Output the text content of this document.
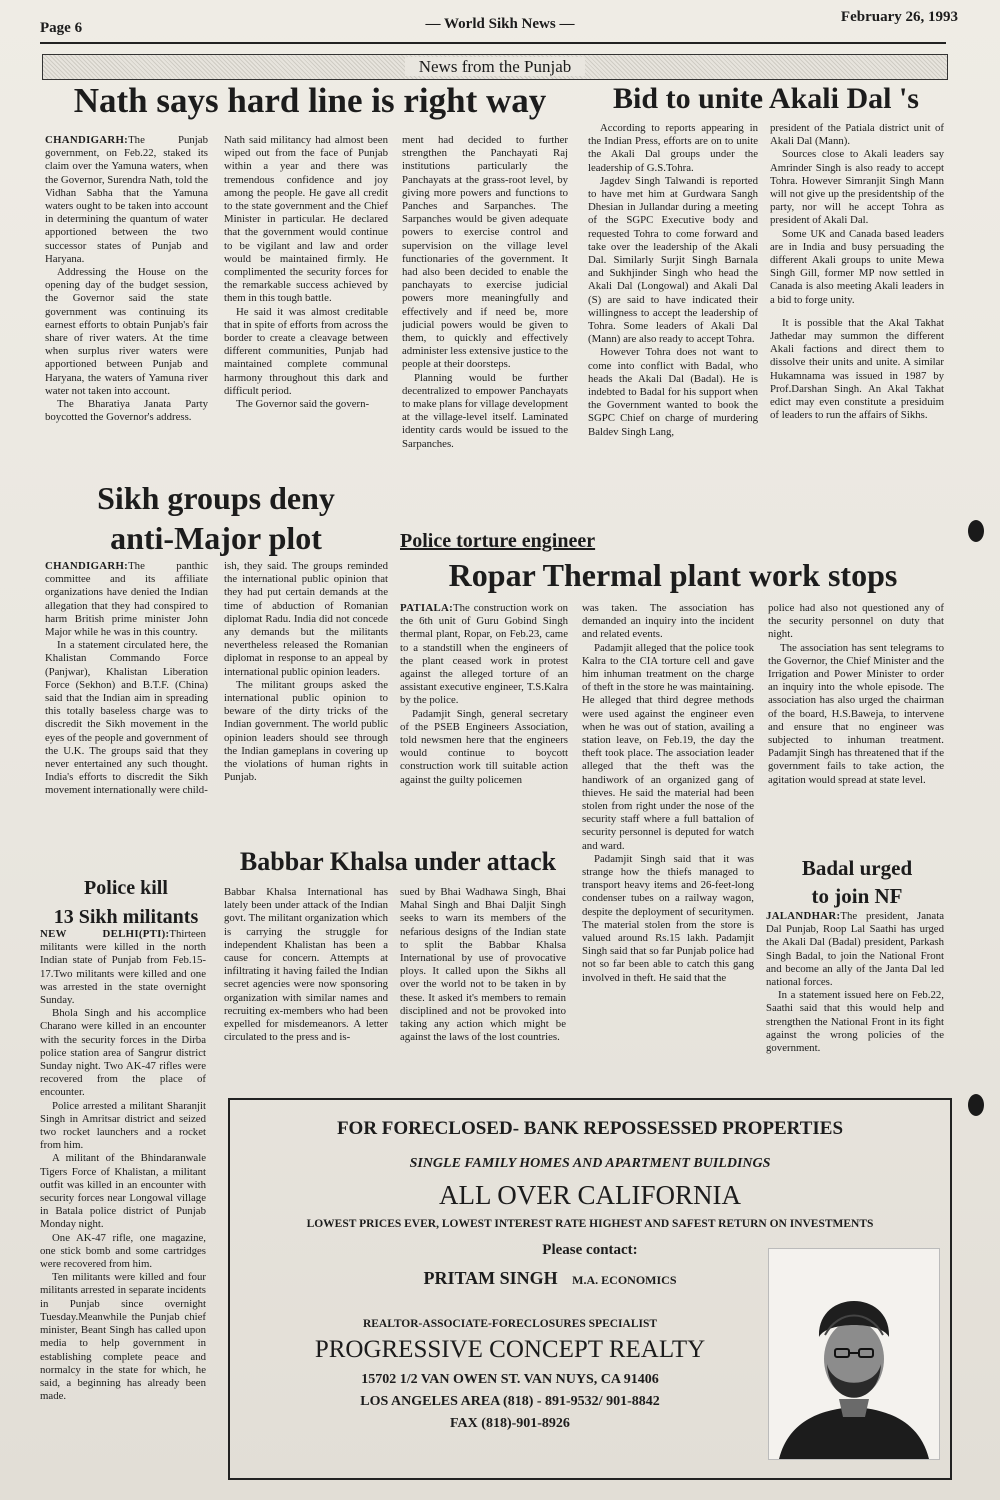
Page 6	— World Sikh News —	February 26, 1993
News from the Punjab
Nath says hard line is right way

CHANDIGARH:The Punjab government, on Feb.22, staked its claim over the Yamuna waters, when the Governor, Surendra Nath, told the Vidhan Sabha that the Yamuna waters ought to be taken into account in determining the quantum of water apportioned between the two successor states of Punjab and Haryana.

Addressing the House on the opening day of the budget session, the Governor said the state government was continuing its earnest efforts to obtain Punjab's fair share of river waters. At the time when surplus river waters were apportioned between Punjab and Haryana, the waters of Yamuna river water not taken into account.

The Bharatiya Janata Party boycotted the Governor's address.

Nath said militancy had almost been wiped out from the face of Punjab within a year and there was tremendous confidence and joy among the people. He gave all credit to the state government and the Chief Minister in particular. He declared that the government would continue to be vigilant and law and order would be maintained firmly. He complimented the security forces for the remarkable success achieved by them in this tough battle.

He said it was almost creditable that in spite of efforts from across the border to create a cleavage between different communities, Punjab had maintained complete communal harmony throughout this dark and difficult period.

The Governor said the govern-

ment had decided to further strengthen the Panchayati Raj institutions particularly the Panchayats at the grass-root level, by giving more powers and functions to Panches and Sarpanches. The Sarpanches would be given adequate powers to exercise control and supervision on the village level functionaries of the government. It had also been decided to enable the panchayats to exercise judicial powers more meaningfully and effectively and if need be, more judicial powers would be given to them, to quickly and effectively administer less extensive justice to the people at their doorsteps.

Planning would be further decentralized to empower Panchayats to make plans for village development at the village-level itself. Laminated identity cards would be issued to the Sarpanches.

Bid to unite Akali Dal 's

According to reports appearing in the Indian Press, efforts are on to unite the Akali Dal groups under the leadership of G.S.Tohra.

Jagdev Singh Talwandi is reported to have met him at Gurdwara Sangh Dhesian in Jullandar during a meeting of the SGPC Executive body and requested Tohra to come forward and take over the leadership of the Akali Dal. Similarly Surjit Singh Barnala and Sukhjinder Singh who head the Akali Dal (Longowal) and Akali Dal (S) are said to have indicated their willingness to accept the leadership of Tohra. Some leaders of Akali Dal (Mann) are also ready to accept Tohra.

However Tohra does not want to come into conflict with Badal, who heads the Akali Dal (Badal). He is indebted to Badal for his support when the Government wanted to book the SGPC Chief on charge of murdering Baldev Singh Lang,

president of the Patiala district unit of Akali Dal (Mann).

Sources close to Akali leaders say Amrinder Singh is also ready to accept Tohra. However Simranjit Singh Mann will not give up the presidentship of the party, nor will he accept Tohra as president of Akali Dal.

Some UK and Canada based leaders are in India and busy persuading the different Akali groups to unite Mewa Singh Gill, former MP now settled in Canada is also meeting Akali leaders in a bid to forge unity.

It is possible that the Akal Takhat Jathedar may summon the different Akali factions and direct them to dissolve their units and unite. A similar Hukamnama was issued in 1987 by Prof.Darshan Singh. An Akal Takhat edict may even constitute a presiduim of leaders to run the affairs of Sikhs.

Sikh groups deny
anti-Major plot

CHANDIGARH:The panthic committee and its affiliate organizations have denied the Indian allegation that they had conspired to harm British prime minister John Major while he was in this country.

In a statement circulated here, the Khalistan Commando Force (Panjwar), Khalistan Liberation Force (Sekhon) and B.T.F. (China) said that the Indian aim in spreading this totally baseless charge was to discredit the Sikh movement in the eyes of the people and government of the U.K. The groups said that they never entertained any such thought. India's efforts to discredit the Sikh movement internationally were child-

ish, they said. The groups reminded the international public opinion that they had put certain demands at the time of abduction of Romanian diplomat Radu. India did not concede any demands but the militants nevertheless released the Romanian diplomat in response to an appeal by international public opinion leaders.

The militant groups asked the international public opinion to beware of the dirty tricks of the Indian government. The world public opinion leaders should see through the Indian gameplans in covering up the violations of human rights in Punjab.

Police torture engineer
Ropar Thermal plant work stops

PATIALA:The construction work on the 6th unit of Guru Gobind Singh thermal plant, Ropar, on Feb.23, came to a standstill when the engineers of the plant ceased work in protest against the alleged torture of an assistant executive engineer, T.S.Kalra by the police.

Padamjit Singh, general secretary of the PSEB Engineers Association, told newsmen here that the engineers would continue to boycott construction work till suitable action against the guilty policemen

was taken. The association has demanded an inquiry into the incident and related events.

Padamjit alleged that the police took Kalra to the CIA torture cell and gave him inhuman treatment on the charge of theft in the store he was maintaining. He alleged that third degree methods were used against the engineer even when he was out of station, availing a station leave, on Feb.19, the day the theft took place. The association leader alleged that the theft was the handiwork of an organized gang of thieves. He said the material had been stolen from right under the nose of the security staff where a full battalion of security personnel is deputed for watch and ward.

Padamjit Singh said that it was strange how the thiefs managed to transport heavy items and 26-feet-long condenser tubes on a railway wagon, despite the deployment of securitymen. The material stolen from the store is valued around Rs.15 lakh. Padamjit Singh said that so far Punjab police had not so far been able to catch this gang involved in theft. He said that the

police had also not questioned any of the security personnel on duty that night.

The association has sent telegrams to the Governor, the Chief Minister and the Irrigation and Power Minister to order an inquiry into the whole episode. The association has also urged the chairman of the board, H.S.Baweja, to intervene and ensure that no engineer was subjected to inhuman treatment. Padamjit Singh has threatened that if the government fails to take action, the agitation would spread at state level.

Police kill
13 Sikh militants

NEW DELHI(PTI):Thirteen militants were killed in the north Indian state of Punjab from Feb.15-17.Two militants were killed and one was arrested in the state overnight Sunday.

Bhola Singh and his accomplice Charano were killed in an encounter with the security forces in the Dirba police station area of Sangrur district Sunday night. Two AK-47 rifles were recovered from the place of encounter.

Police arrested a militant Sharanjit Singh in Amritsar district and seized two rocket launchers and a rocket from him.

A militant of the Bhindaranwale Tigers Force of Khalistan, a militant outfit was killed in an encounter with security forces near Longowal village in Batala police district of Punjab Monday night.

One AK-47 rifle, one magazine, one stick bomb and some cartridges were recovered from him.

Ten militants were killed and four militants arrested in separate incidents in Punjab since overnight Tuesday.Meanwhile the Punjab chief minister, Beant Singh has called upon media to help government in establishing complete peace and normalcy in the state for which, he said, a beginning has already been made.

Babbar Khalsa under attack

Babbar Khalsa International has lately been under attack of the Indian govt. The militant organization which is carrying the struggle for independent Khalistan has been a cause for concern. Attempts at infiltrating it having failed the Indian secret agencies were now sponsoring organization with similar names and recruiting ex-members who had been expelled for misdemeanors. A letter circulated to the press and is-

sued by Bhai Wadhawa Singh, Bhai Mahal Singh and Bhai Daljit Singh seeks to warn its members of the nefarious designs of the Indian state to split the Babbar Khalsa International by use of provocative ploys. It called upon the Sikhs all over the world not to be taken in by these. It asked it's members to remain disciplined and not be provoked into taking any action which might be against the laws of the lost countries.

Badal urged
to join NF

JALANDHAR:The president, Janata Dal Punjab, Roop Lal Saathi has urged the Akali Dal (Badal) president, Parkash Singh Badal, to join the National Front and become an ally of the Janta Dal led national forces.

In a statement issued here on Feb.22, Saathi said that this would help and strengthen the National Front in its fight against the wrong policies of the government.

FOR FORECLOSED- BANK REPOSSESSED PROPERTIES
SINGLE FAMILY HOMES AND APARTMENT BUILDINGS
ALL OVER CALIFORNIA
LOWEST PRICES EVER, LOWEST INTEREST RATE HIGHEST AND SAFEST RETURN ON INVESTMENTS
Please contact:
PRITAM SINGH M.A. ECONOMICS
REALTOR-ASSOCIATE-FORECLOSURES SPECIALIST
PROGRESSIVE CONCEPT REALTY
15702 1/2 VAN OWEN ST. VAN NUYS, CA 91406
LOS ANGELES AREA (818) - 891-9532/ 901-8842
FAX (818)-901-8926
